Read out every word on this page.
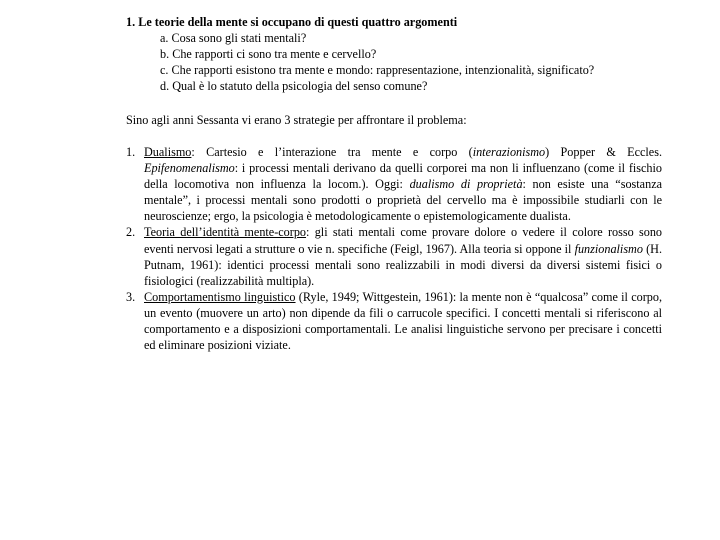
1. Le teorie della mente si occupano di questi quattro argomenti
a. Cosa sono gli stati mentali?
b. Che rapporti ci sono tra mente e cervello?
c. Che rapporti esistono tra mente e mondo: rappresentazione, intenzionalità, significato?
d. Qual è lo statuto della psicologia del senso comune?
Sino agli anni Sessanta vi erano 3 strategie per affrontare il problema:
1. Dualismo: Cartesio e l’interazione tra mente e corpo (interazionismo) Popper & Eccles. Epifenomenalismo: i processi mentali derivano da quelli corporei ma non li influenzano (come il fischio della locomotiva non influenza la locom.). Oggi: dualismo di proprietà: non esiste una “sostanza mentale”, i processi mentali sono prodotti o proprietà del cervello ma è impossibile studiarli con le neuroscienze; ergo, la psicologia è metodologicamente o epistemologicamente dualista.
2. Teoria dell’identità mente-corpo: gli stati mentali come provare dolore o vedere il colore rosso sono eventi nervosi legati a strutture o vie n. specifiche (Feigl, 1967). Alla teoria si oppone il funzionalismo (H. Putnam, 1961): identici processi mentali sono realizzabili in modi diversi da diversi sistemi fisici o fisiologici (realizzabilità multipla).
3. Comportamentismo linguistico (Ryle, 1949; Wittgestein, 1961): la mente non è “qualcosa” come il corpo, un evento (muovere un arto) non dipende da fili o carrucole specifici. I concetti mentali si riferiscono al comportamento e a disposizioni comportamentali. Le analisi linguistiche servono per precisare i concetti ed eliminare posizioni viziate.
